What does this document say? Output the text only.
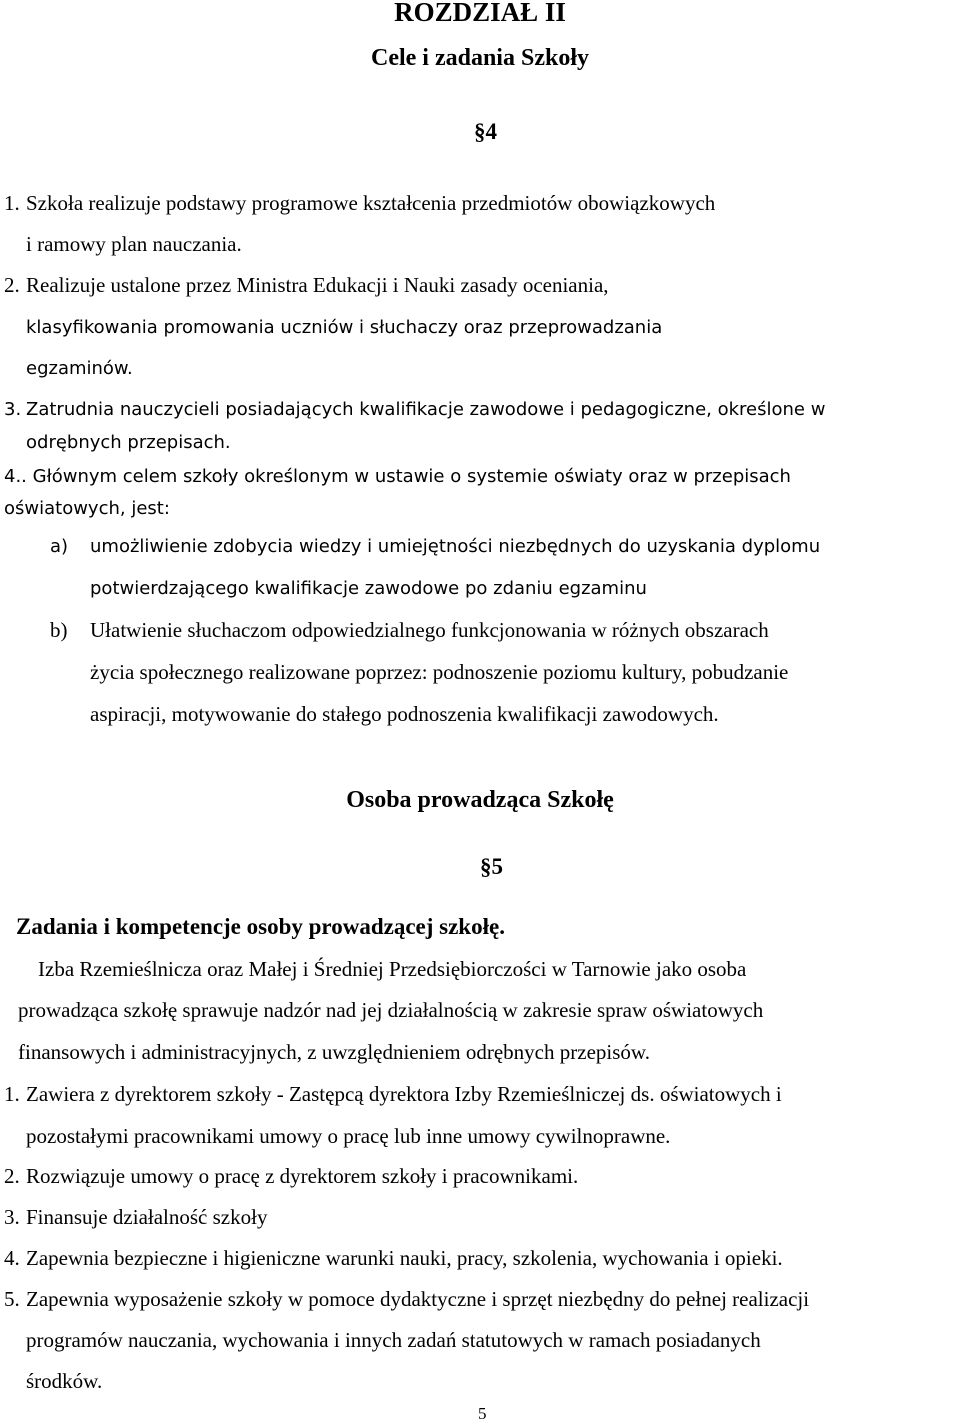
ROZDZIAŁ II
Cele i zadania Szkoły
§4
1. Szkoła realizuje podstawy programowe kształcenia przedmiotów obowiązkowych
i ramowy plan nauczania.
2. Realizuje ustalone przez Ministra Edukacji i Nauki zasady oceniania,
klasyfikowania promowania uczniów i słuchaczy oraz przeprowadzania
egzaminów.
3. Zatrudnia nauczycieli posiadających kwalifikacje zawodowe i pedagogiczne, określone w
odrębnych przepisach.
4.. Głównym celem szkoły określonym w ustawie o systemie oświaty oraz w przepisach
oświatowych, jest:
a) umożliwienie zdobycia wiedzy i umiejętności niezbędnych do uzyskania dyplomu
potwierdzającego kwalifikacje zawodowe po zdaniu egzaminu
b) Ułatwienie słuchaczom odpowiedzialnego funkcjonowania w różnych obszarach
życia społecznego realizowane poprzez: podnoszenie poziomu kultury, pobudzanie
aspiracji, motywowanie do stałego podnoszenia kwalifikacji zawodowych.
Osoba prowadząca Szkołę
§5
Zadania i kompetencje osoby prowadzącej szkołę.
Izba Rzemieślnicza oraz Małej i Średniej Przedsiębiorczości w Tarnowie jako osoba
prowadząca szkołę sprawuje nadzór nad jej działalnością w zakresie spraw oświatowych
finansowych i administracyjnych, z uwzględnieniem odrębnych przepisów.
1. Zawiera z dyrektorem szkoły - Zastępcą dyrektora Izby Rzemieślniczej ds. oświatowych i
pozostałymi pracownikami umowy o pracę lub inne umowy cywilnoprawne.
2. Rozwiązuje umowy o pracę z dyrektorem szkoły i pracownikami.
3. Finansuje działalność szkoły
4. Zapewnia bezpieczne i higieniczne warunki nauki, pracy, szkolenia, wychowania i opieki.
5. Zapewnia wyposażenie szkoły w pomoce dydaktyczne i sprzęt niezbędny do pełnej realizacji
programów nauczania, wychowania i innych zadań statutowych w ramach posiadanych
środków.
5
